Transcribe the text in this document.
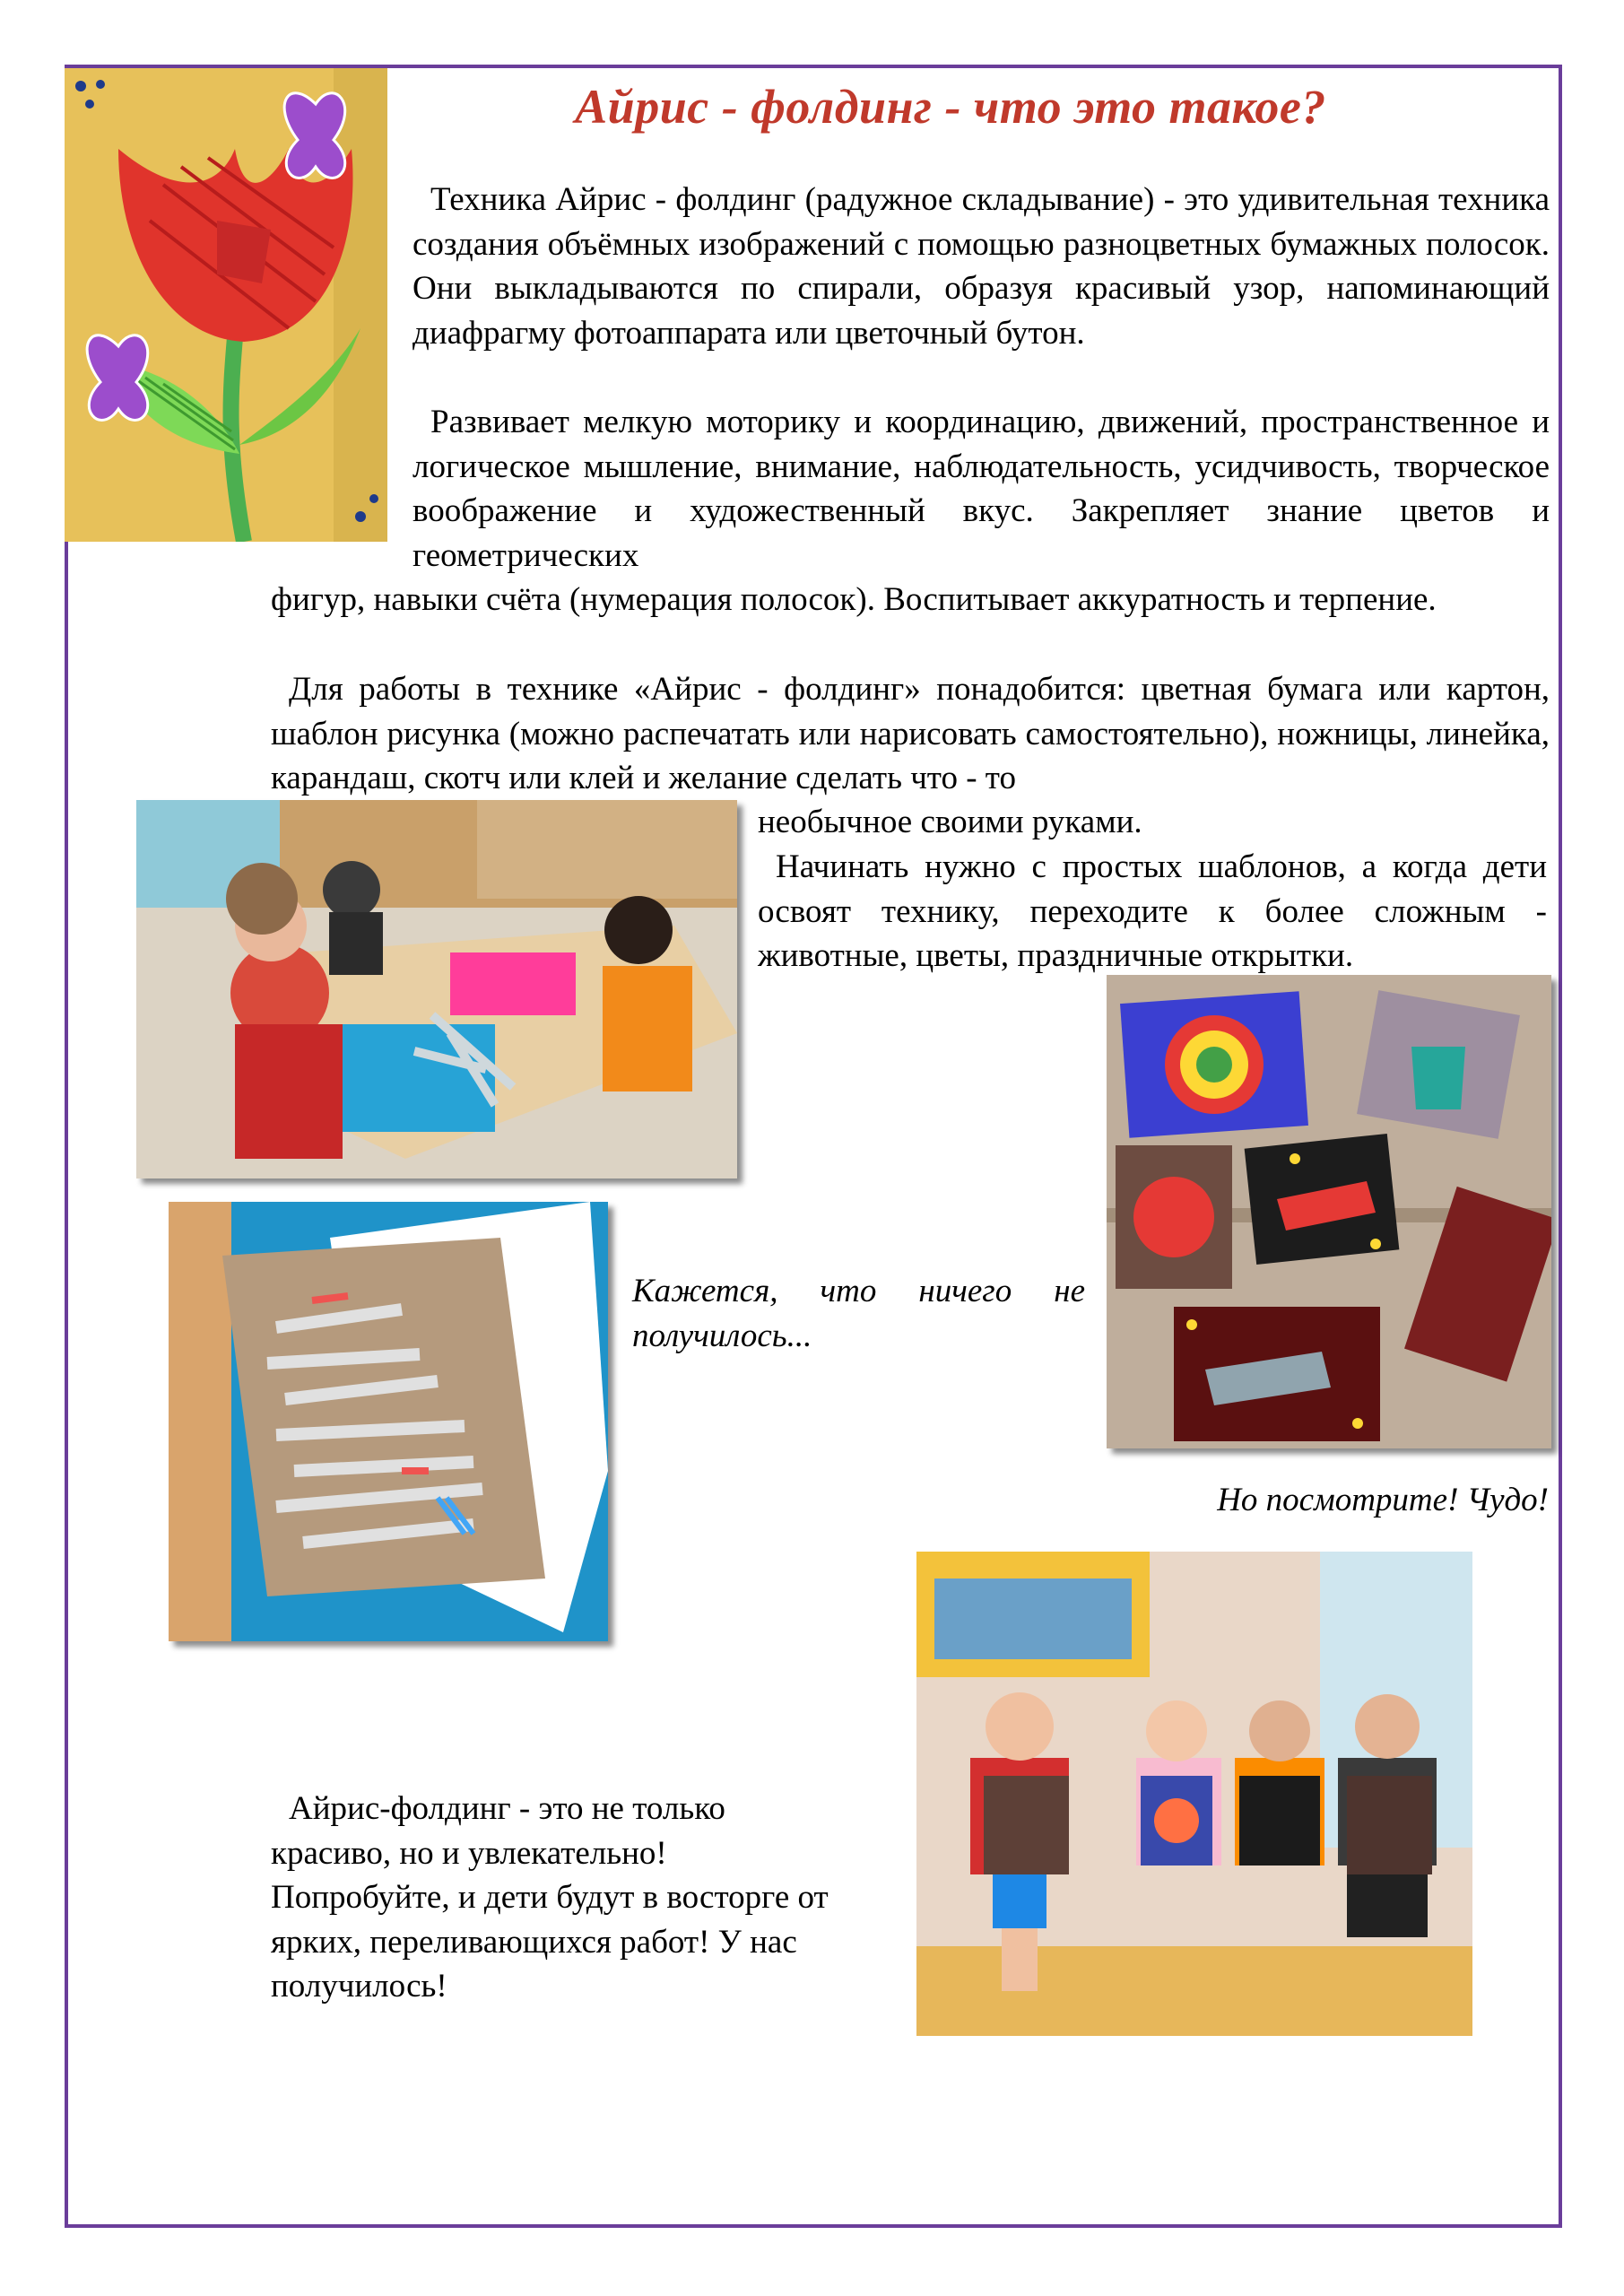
Айрис - фолдинг - что это такое?

Техника Айрис - фолдинг (радужное складывание) - это удивительная техника создания объёмных изображений с помощью разноцветных бумажных полосок. Они выкладываются по спирали, образуя красивый узор, напоминающий диафрагму фотоаппарата или цветочный бутон.

Развивает мелкую моторику и координацию, движений, пространственное и логическое мышление, внимание, наблюдательность, усидчивость, творческое воображение и художественный вкус. Закрепляет знание цветов и геометрических

фигур, навыки счёта (нумерация полосок). Воспитывает аккуратность и терпение.

Для работы в технике «Айрис - фолдинг» понадобится: цветная бумага или картон, шаблон рисунка (можно распечатать или нарисовать самостоятельно), ножницы, линейка, карандаш, скотч или клей и желание сделать что - то

необычное своими руками.

Начинать нужно с простых шаблонов, а когда дети освоят технику, переходите к более сложным - животные, цветы, праздничные открытки.

Кажется, что ничего не получилось...

Но посмотрите! Чудо!

Айрис-фолдинг - это не только красиво, но и увлекательно! Попробуйте, и дети будут в восторге от ярких, переливающихся работ! У нас получилось!
